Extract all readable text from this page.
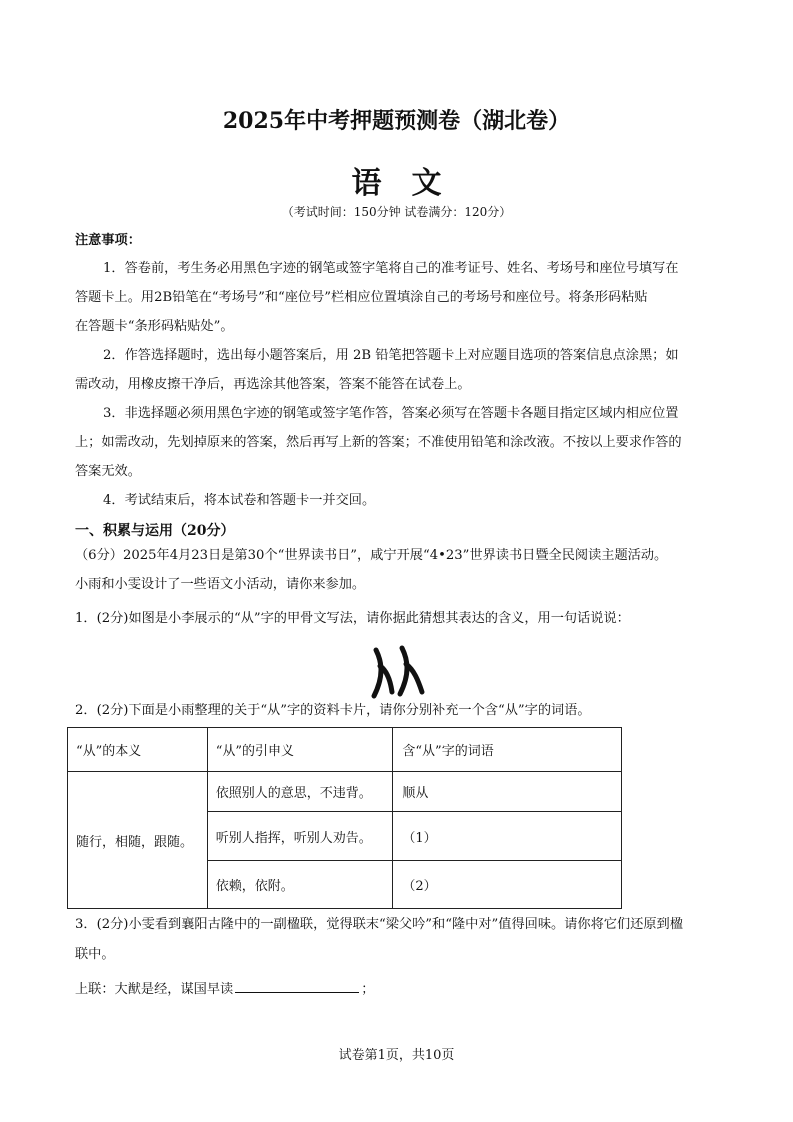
2025年中考押题预测卷（湖北卷）
语文
（考试时间：150分钟 试卷满分：120分）
注意事项：
1．答卷前，考生务必用黑色字迹的钢笔或签字笔将自己的准考证号、姓名、考场号和座位号填写在
答题卡上。用2B铅笔在“考场号”和“座位号”栏相应位置填涂自己的考场号和座位号。将条形码粘贴
在答题卡“条形码粘贴处”。
2．作答选择题时，选出每小题答案后，用 2B 铅笔把答题卡上对应题目选项的答案信息点涂黑；如
需改动，用橡皮擦干净后，再选涂其他答案，答案不能答在试卷上。
3．非选择题必须用黑色字迹的钢笔或签字笔作答，答案必须写在答题卡各题目指定区域内相应位置
上；如需改动，先划掉原来的答案，然后再写上新的答案；不准使用铅笔和涂改液。不按以上要求作答的
答案无效。
4．考试结束后，将本试卷和答题卡一并交回。
一、积累与运用（20分）
（6分）2025年4月23日是第30个“世界读书日”，咸宁开展“4•23”世界读书日暨全民阅读主题活动。
小雨和小雯设计了一些语文小活动，请你来参加。
1．(2分)如图是小李展示的“从”字的甲骨文写法，请你据此猜想其表达的含义，用一句话说说：
2．(2分)下面是小雨整理的关于“从”字的资料卡片，请你分别补充一个含“从”字的词语。
“从”的本义	“从”的引申义	含“从”字的词语
随行，相随，跟随。	依照别人的意思，不违背。	顺从
	听别人指挥，听别人劝告。	（1）
	依赖，依附。	（2）
3．(2分)小雯看到襄阳古隆中的一副楹联，觉得联末“梁父吟”和“隆中对”值得回味。请你将它们还原到楹
联中。
上联：大猷是经，谋国早读	；
试卷第1页，共10页
